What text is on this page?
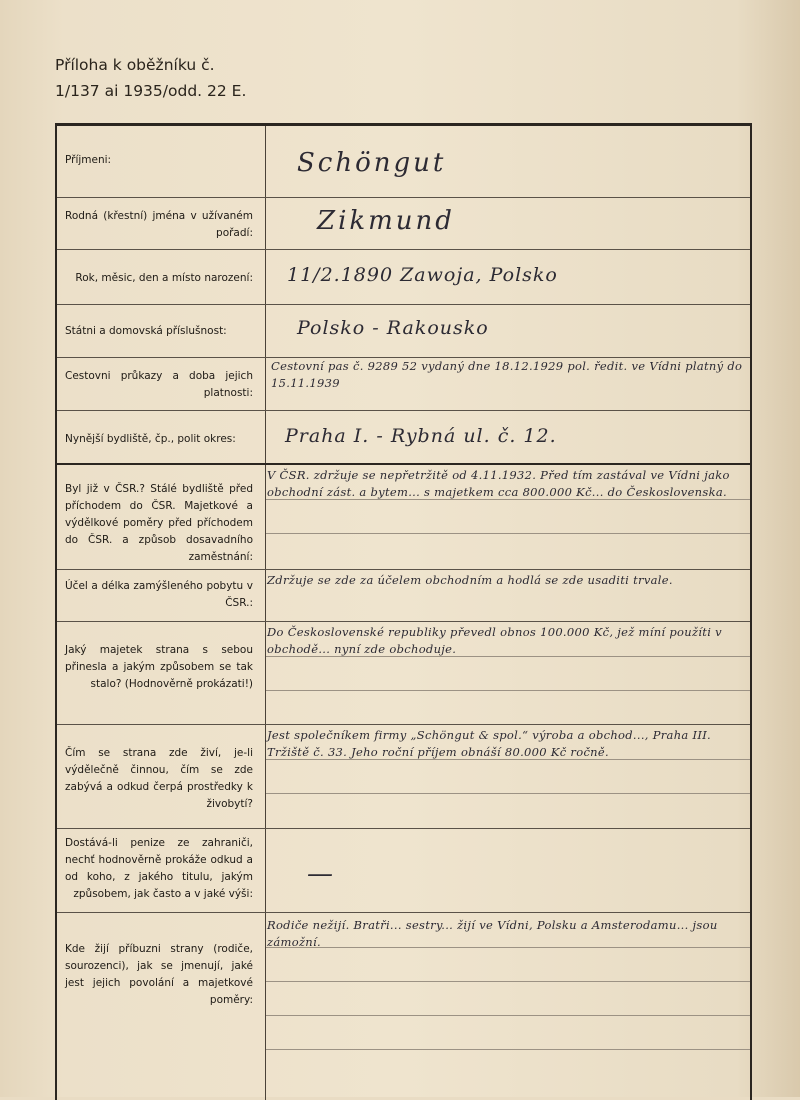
Příloha k oběžníku č.
1/137 ai 1935/odd. 22 E.
Příjmeni:	Schöngut
Rodná (křestní) jména v užívaném pořadí: Zikmund
Rok, měsic, den a místo narození: 11/2.1890 Zawoja, Polsko
Státni a domovská příslušnost:	Polsko - Rakousko
Cestovni průkazy a doba jejich platnosti:
Cestovní pas č. 9289 52 vydaný dne 18.12.1929 pol. ředit. ve Vídni platný do 15.11.1939
Nynější bydliště, čp., polit okres:	Praha I. - Rybná ul. č. 12.
Byl již v ČSR.? Stálé bydliště před příchodem do ČSR. Majetkové a výdělkové poměry před příchodem do ČSR. a způsob dosavadního zaměstnání:
V ČSR. zdržuje se nepřetržitě od 4.11.1932. Před tím zastával ve Vídni jako obchodní zást. a bytem... s majetkem cca 800.000 Kč... do Československa.
Účel a délka zamýšleného pobytu v ČSR.:
Zdržuje se zde za účelem obchodním a hodlá se zde usaditi trvale.
Jaký majetek strana s sebou přinesla a jakým způsobem se tak stalo? (Hodnověrně prokázati!)
Do Československé republiky převedl obnos 100.000 Kč, jež míní použíti v obchodě... nyní zde obchoduje.
Čím se strana zde živí, je-li výdělečně činnou, čím se zde zabývá a odkud čerpá prostředky k živobytí?
Jest společníkem firmy „Schöngut & spol.“ výroba a obchod..., Praha III. Tržiště č. 33. Jeho roční příjem obnáší 80.000 Kč ročně.
Dostává-li penize ze zahraniči, nechť hodnověrně prokáže odkud a od koho, z jakého titulu, jakým způsobem, jak často a v jaké výši:
—
Kde žijí příbuzni strany (rodiče, sourozenci), jak se jmenují, jaké jest jejich povolání a majetkové poměry:
Rodiče nežijí. Bratři... sestry... žijí ve Vídni, Polsku a Amsterodamu... jsou zámožní.
